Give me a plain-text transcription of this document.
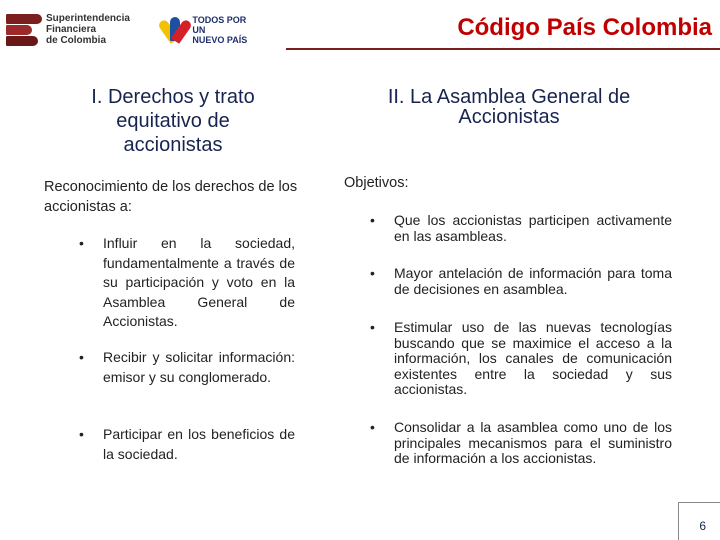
Superintendencia
Financiera
de Colombia
TODOS POR UN
NUEVO PAÍS	Código País Colombia
I. Derechos y trato equitativo de accionistas
Reconocimiento de los derechos de los accionistas a:
• Influir en la sociedad, fundamentalmente a través de su participación y voto en la Asamblea General de Accionistas.
• Recibir y solicitar información: emisor y su conglomerado.
• Participar en los beneficios de la sociedad.
II. La Asamblea General de Accionistas
Objetivos:
• Que los accionistas participen activamente en las asambleas.
• Mayor antelación de información para toma de decisiones en asamblea.
• Estimular uso de las nuevas tecnologías buscando que se maximice el acceso a la información, los canales de comunicación existentes entre la sociedad y sus accionistas.
• Consolidar a la asamblea como uno de los principales mecanismos para el suministro de información a los accionistas.
6
